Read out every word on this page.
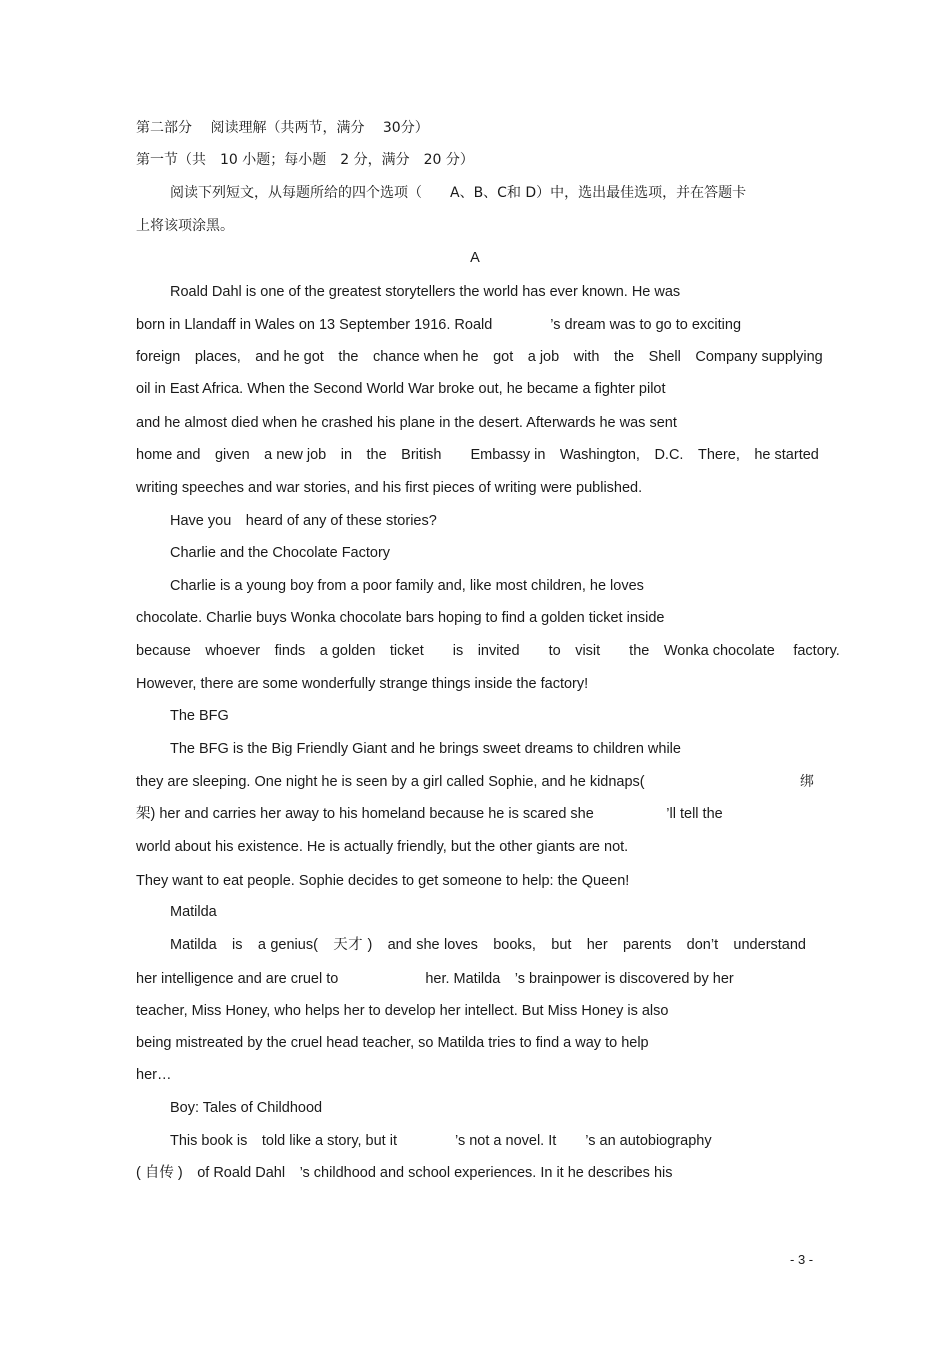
第二部分　 阅读理解（共两节，满分　 30分）
第一节（共　10 小题；每小题　2 分，满分　20 分）
阅读下列短文，从每题所给的四个选项（　　A、B、C和 D）中，选出最佳选项，并在答题卡
上将该项涂黑。
A
Roald Dahl is one of the greatest storytellers the world has ever known. He was
born in Llandaff in Wales on 13 September 1916. Roald　　　　’s dream was to go to exciting
foreign　places,　and he got　the　chance when he　got　a job　with　the　Shell　Company supplying
oil in East Africa. When the Second World War broke out, he became a fighter pilot
and he almost died when he crashed his plane in the desert. Afterwards he was sent
home and　given　a new job　in　the　British　　Embassy in　Washington,　D.C.　There,　he started
writing speeches and war stories, and his first pieces of writing were published.
Have you　heard of any of these stories?
Charlie and the Chocolate Factory
Charlie is a young boy from a poor family and, like most children, he loves
chocolate. Charlie buys Wonka chocolate bars hoping to find a golden ticket inside
because　whoever　finds　a golden　ticket　　is　invited　　to　visit　　the　Wonka chocolate　 factory.
However, there are some wonderfully strange things inside the factory!
The BFG
The BFG is the Big Friendly Giant and he brings sweet dreams to children while
they are sleeping. One night he is seen by a girl called Sophie, and he kidnaps(	绑
架) her and carries her away to his homeland because he is scared she　　　　　’ll tell the
world about his existence. He is actually friendly, but the other giants are not.
They want to eat people. Sophie decides to get someone to help: the Queen!
Matilda
Matilda　is　a genius(　天才 )　and she loves　books,　but　her　parents　don’t　understand
her intelligence and are cruel to　　　　　　her. Matilda　’s brainpower is discovered by her
teacher, Miss Honey, who helps her to develop her intellect. But Miss Honey is also
being mistreated by the cruel head teacher, so Matilda tries to find a way to help
her…
Boy: Tales of Childhood
This book is　told like a story, but it　　　　’s not a novel. It　　’s an autobiography
( 自传 )　of Roald Dahl　’s childhood and school experiences. In it he describes his
- 3 -
